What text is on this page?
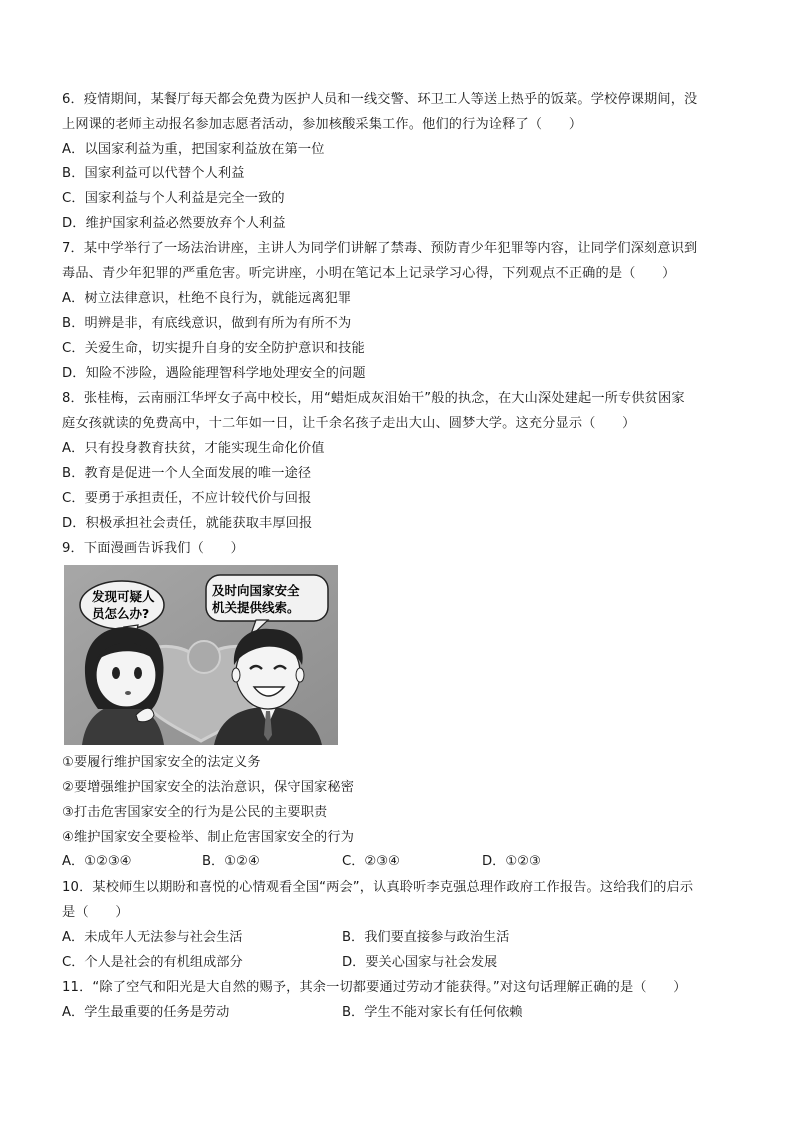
6．疫情期间，某餐厅每天都会免费为医护人员和一线交警、环卫工人等送上热乎的饭菜。学校停课期间，没
上网课的老师主动报名参加志愿者活动，参加核酸采集工作。他们的行为诠释了（　　）
A．以国家利益为重，把国家利益放在第一位
B．国家利益可以代替个人利益
C．国家利益与个人利益是完全一致的
D．维护国家利益必然要放弃个人利益
7．某中学举行了一场法治讲座，主讲人为同学们讲解了禁毒、预防青少年犯罪等内容，让同学们深刻意识到
毒品、青少年犯罪的严重危害。听完讲座，小明在笔记本上记录学习心得，下列观点不正确的是（　　）
A．树立法律意识，杜绝不良行为，就能远离犯罪
B．明辨是非，有底线意识，做到有所为有所不为
C．关爱生命，切实提升自身的安全防护意识和技能
D．知险不涉险，遇险能理智科学地处理安全的问题
8．张桂梅，云南丽江华坪女子高中校长，用“蜡炬成灰泪始干”般的执念，在大山深处建起一所专供贫困家
庭女孩就读的免费高中，十二年如一日，让千余名孩子走出大山、圆梦大学。这充分显示（　　）
A．只有投身教育扶贫，才能实现生命化价值
B．教育是促进一个人全面发展的唯一途径
C．要勇于承担责任，不应计较代价与回报
D．积极承担社会责任，就能获取丰厚回报
9．下面漫画告诉我们（　　）
发现可疑人
员怎么办?
及时向国家安全
机关提供线索。
①要履行维护国家安全的法定义务
②要增强维护国家安全的法治意识，保守国家秘密
③打击危害国家安全的行为是公民的主要职责
④维护国家安全要检举、制止危害国家安全的行为
A．①②③④	B．①②④	C．②③④	D．①②③
10．某校师生以期盼和喜悦的心情观看全国“两会”，认真聆听李克强总理作政府工作报告。这给我们的启示
是（　　）
A．未成年人无法参与社会生活	B．我们要直接参与政治生活
C．个人是社会的有机组成部分	D．要关心国家与社会发展
11．“除了空气和阳光是大自然的赐予，其余一切都要通过劳动才能获得。”对这句话理解正确的是（　　）
A．学生最重要的任务是劳动	B．学生不能对家长有任何依赖
